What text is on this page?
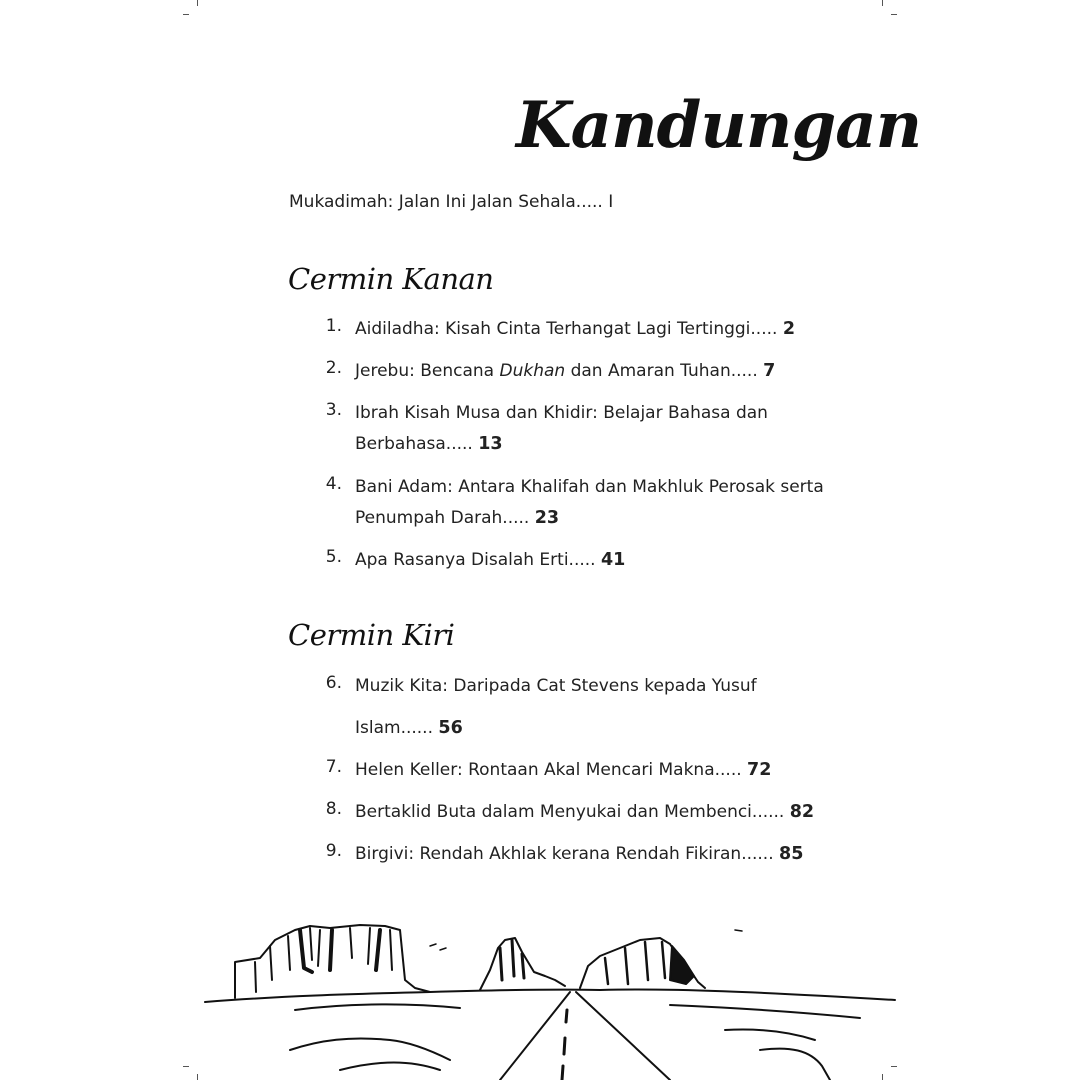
Kandungan
Mukadimah: Jalan Ini Jalan Sehala..... I
Cermin Kanan
Cermin Kiri
1. Aidiladha: Kisah Cinta Terhangat Lagi Tertinggi..... 2
2. Jerebu: Bencana Dukhan dan Amaran Tuhan..... 7
3. Ibrah Kisah Musa dan Khidir: Belajar Bahasa dan
Berbahasa..... 13
4. Bani Adam: Antara Khalifah dan Makhluk Perosak serta
Penumpah Darah..... 23
5. Apa Rasanya Disalah Erti..... 41
6. Muzik Kita: Daripada Cat Stevens kepada Yusuf
Islam...... 56
7. Helen Keller: Rontaan Akal Mencari Makna..... 72
8. Bertaklid Buta dalam Menyukai dan Membenci...... 82
9. Birgivi: Rendah Akhlak kerana Rendah Fikiran...... 85
